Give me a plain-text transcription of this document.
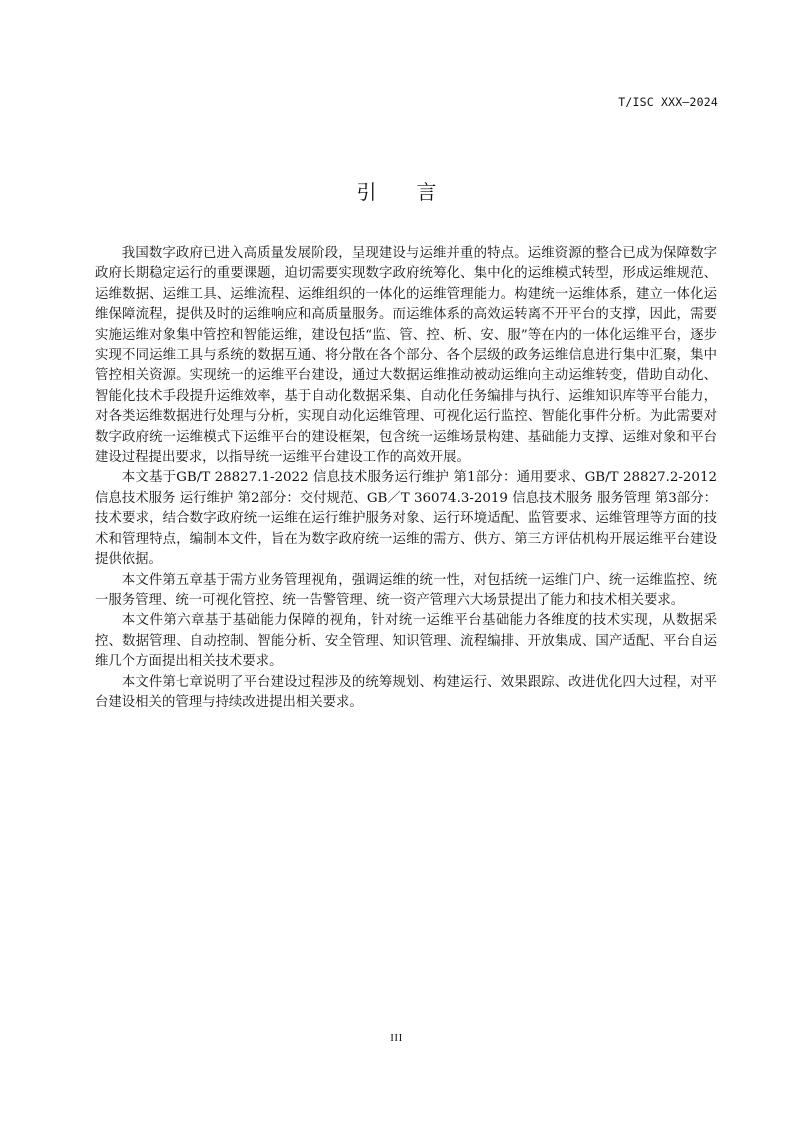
T/ISC XXX—2024
引 言

我国数字政府已进入高质量发展阶段，呈现建设与运维并重的特点。运维资源的整合已成为保障数字政府长期稳定运行的重要课题，迫切需要实现数字政府统筹化、集中化的运维模式转型，形成运维规范、运维数据、运维工具、运维流程、运维组织的一体化的运维管理能力。构建统一运维体系，建立一体化运维保障流程，提供及时的运维响应和高质量服务。而运维体系的高效运转离不开平台的支撑，因此，需要实施运维对象集中管控和智能运维，建设包括“监、管、控、析、安、服”等在内的一体化运维平台，逐步实现不同运维工具与系统的数据互通、将分散在各个部分、各个层级的政务运维信息进行集中汇聚，集中管控相关资源。实现统一的运维平台建设，通过大数据运维推动被动运维向主动运维转变，借助自动化、智能化技术手段提升运维效率，基于自动化数据采集、自动化任务编排与执行、运维知识库等平台能力，对各类运维数据进行处理与分析，实现自动化运维管理、可视化运行监控、智能化事件分析。为此需要对数字政府统一运维模式下运维平台的建设框架，包含统一运维场景构建、基础能力支撑、运维对象和平台建设过程提出要求，以指导统一运维平台建设工作的高效开展。

本文基于GB/T 28827.1-2022 信息技术服务运行维护 第1部分：通用要求、GB/T 28827.2-2012 信息技术服务 运行维护 第2部分：交付规范、GB／T 36074.3-2019 信息技术服务 服务管理 第3部分：技术要求，结合数字政府统一运维在运行维护服务对象、运行环境适配、监管要求、运维管理等方面的技术和管理特点，编制本文件，旨在为数字政府统一运维的需方、供方、第三方评估机构开展运维平台建设提供依据。

本文件第五章基于需方业务管理视角，强调运维的统一性，对包括统一运维门户、统一运维监控、统一服务管理、统一可视化管控、统一告警管理、统一资产管理六大场景提出了能力和技术相关要求。

本文件第六章基于基础能力保障的视角，针对统一运维平台基础能力各维度的技术实现，从数据采控、数据管理、自动控制、智能分析、安全管理、知识管理、流程编排、开放集成、国产适配、平台自运维几个方面提出相关技术要求。

本文件第七章说明了平台建设过程涉及的统筹规划、构建运行、效果跟踪、改进优化四大过程，对平台建设相关的管理与持续改进提出相关要求。

III
